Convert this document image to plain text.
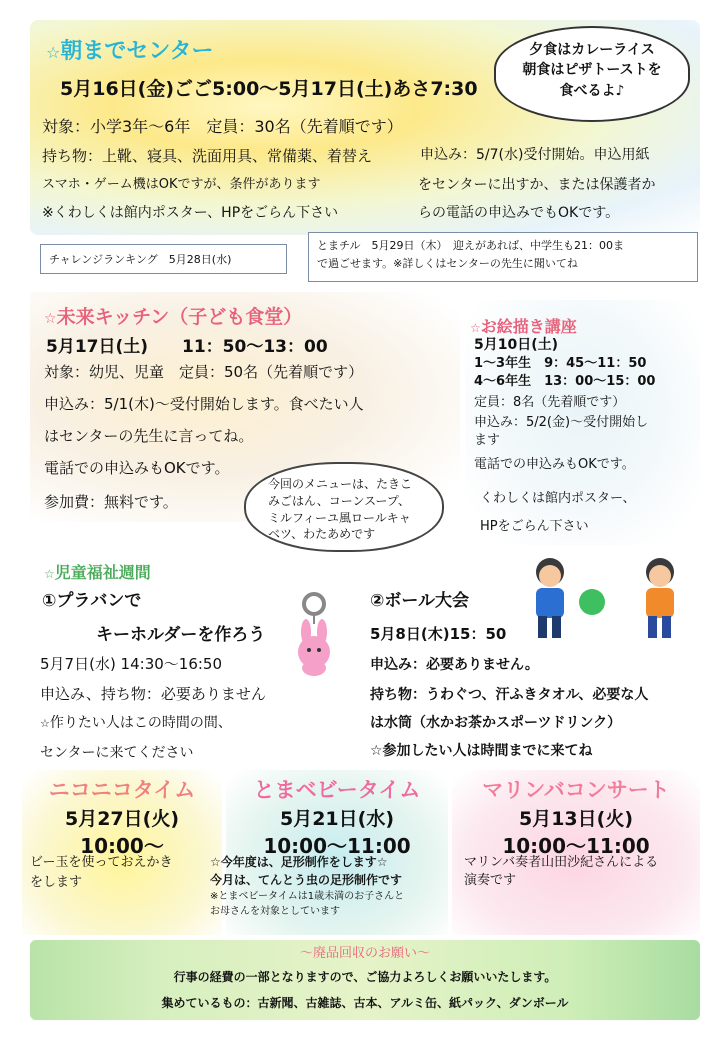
☆朝までセンター
5月16日(金)ごご5:00〜5月17日(土)あさ7:30
対象：小学3年〜6年　定員：30名（先着順です）
持ち物：上靴、寝具、洗面用具、常備薬、着替え
スマホ・ゲーム機はOKですが、条件があります
※くわしくは館内ポスター、HPをごらん下さい
申込み：5/7(水)受付開始。申込用紙
をセンターに出すか、または保護者か
らの電話の申込みでもOKです。
夕食はカレーライス
朝食はピザトーストを
食べるよ♪
チャレンジランキング　5月28日(水)
とまチル　5月29日（木）　迎えがあれば、中学生も21：00ま
で過ごせます。※詳しくはセンターの先生に聞いてね
☆未来キッチン（子ども食堂）
5月17日(土)　　11：50〜13：00
対象：幼児、児童　定員：50名（先着順です）
申込み：5/1(木)〜受付開始します。食べたい人
はセンターの先生に言ってね。
電話での申込みもOKです。
参加費：無料です。
今回のメニューは、たきこ
みごはん、コーンスープ、
ミルフィーユ風ロールキャ
ベツ、わたあめです
☆お絵描き講座
5月10日(土)
1〜3年生　9：45〜11：50
4〜6年生　13：00〜15：00
定員：8名（先着順です）
申込み：5/2(金)〜受付開始し
ます
電話での申込みもOKです。
くわしくは館内ポスター、
HPをごらん下さい
☆児童福祉週間
①プラバンで
キーホルダーを作ろう
5月7日(水) 14:30〜16:50
申込み、持ち物：必要ありません
☆作りたい人はこの時間の間、
センターに来てください
②ボール大会
5月8日(木)15：50
申込み：必要ありません。
持ち物：うわぐつ、汗ふきタオル、必要な人
は水筒（水かお茶かスポーツドリンク）
☆参加したい人は時間までに来てね
ニコニコタイム
5月27日(火)
10:00〜
ビー玉を使っておえかき
をします
とまベビータイム
5月21日(水)
10:00〜11:00
☆今年度は、足形制作をします☆
今月は、てんとう虫の足形制作です
※とまベビータイムは1歳未満のお子さんと
お母さんを対象としています
マリンバコンサート
5月13日(火)
10:00〜11:00
マリンバ奏者山田沙紀さんによる
演奏です
〜廃品回収のお願い〜
行事の経費の一部となりますので、ご協力よろしくお願いいたします。
集めているもの：古新聞、古雑誌、古本、アルミ缶、紙パック、ダンボール
